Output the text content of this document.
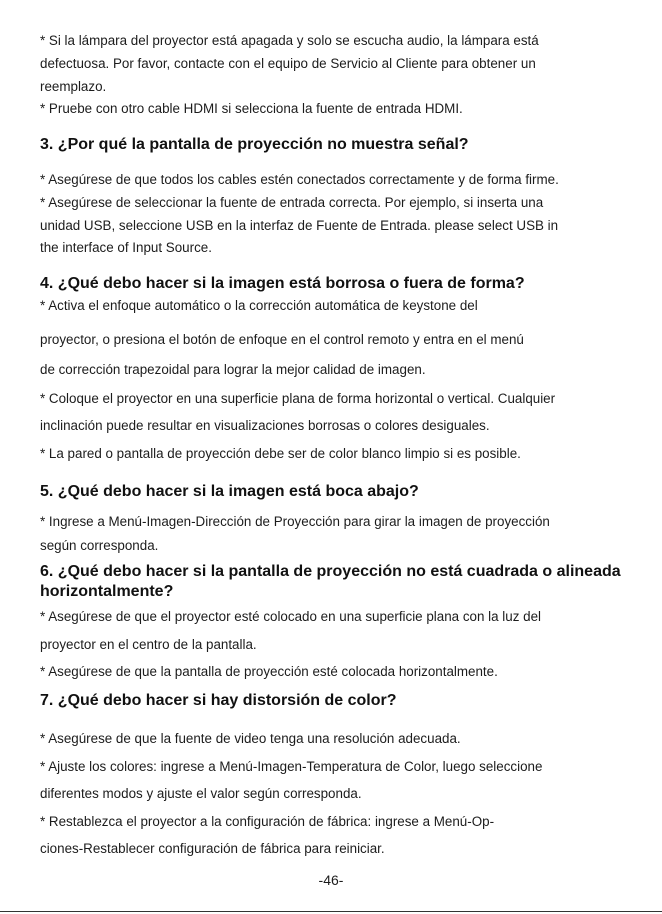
* Si la lámpara del proyector está apagada y solo se escucha audio, la lámpara está
defectuosa. Por favor, contacte con el equipo de Servicio al Cliente para obtener un
reemplazo.
* Pruebe con otro cable HDMI si selecciona la fuente de entrada HDMI.
3. ¿Por qué la pantalla de proyección no muestra señal?
* Asegúrese de que todos los cables estén conectados correctamente y de forma firme.
* Asegúrese de seleccionar la fuente de entrada correcta. Por ejemplo, si inserta una
unidad USB, seleccione USB en la interfaz de Fuente de Entrada. please select USB in
the interface of Input Source.
4. ¿Qué debo hacer si la imagen está borrosa o fuera de forma?
* Activa el enfoque automático o la corrección automática de keystone del
proyector, o presiona el botón de enfoque en el control remoto y entra en el menú
de corrección trapezoidal para lograr la mejor calidad de imagen.
* Coloque el proyector en una superficie plana de forma horizontal o vertical. Cualquier
inclinación puede resultar en visualizaciones borrosas o colores desiguales.
* La pared o pantalla de proyección debe ser de color blanco limpio si es posible.
5. ¿Qué debo hacer si la imagen está boca abajo?
* Ingrese a Menú-Imagen-Dirección de Proyección para girar la imagen de proyección
según corresponda.
6. ¿Qué debo hacer si la pantalla de proyección no está cuadrada o alineada
horizontalmente?
* Asegúrese de que el proyector esté colocado en una superficie plana con la luz del
proyector en el centro de la pantalla.
* Asegúrese de que la pantalla de proyección esté colocada horizontalmente.
7. ¿Qué debo hacer si hay distorsión de color?
* Asegúrese de que la fuente de video tenga una resolución adecuada.
* Ajuste los colores: ingrese a Menú-Imagen-Temperatura de Color, luego seleccione
diferentes modos y ajuste el valor según corresponda.
* Restablezca el proyector a la configuración de fábrica: ingrese a Menú-Op-
ciones-Restablecer configuración de fábrica para reiniciar.
-46-
